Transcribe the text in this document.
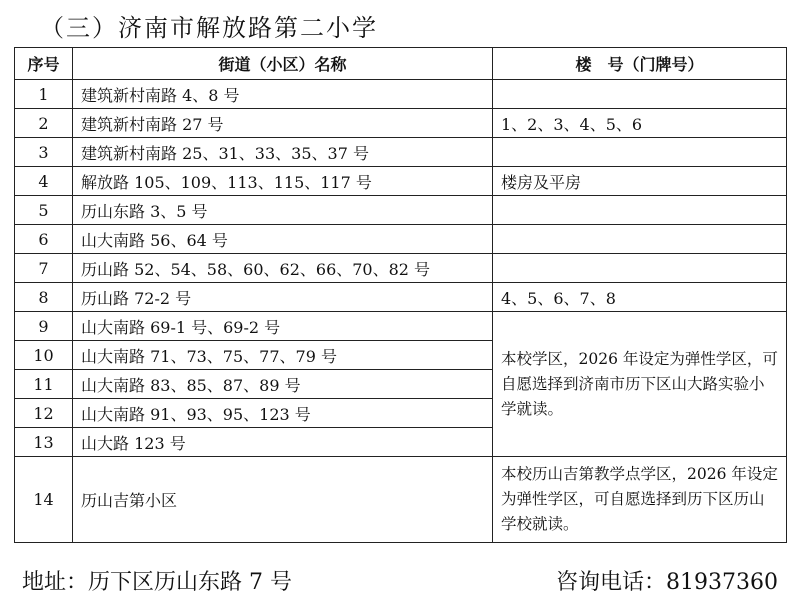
（三）济南市解放路第二小学
序号	街道（小区）名称	楼　号（门牌号）
1	建筑新村南路 4、8 号	
2	建筑新村南路 27 号	1、2、3、4、5、6
3	建筑新村南路 25、31、33、35、37 号	
4	解放路 105、109、113、115、117 号	楼房及平房
5	历山东路 3、5 号	
6	山大南路 56、64 号	
7	历山路 52、54、58、60、62、66、70、82 号	
8	历山路 72-2 号	4、5、6、7、8
9	山大南路 69-1 号、69-2 号	本校学区，2026 年设定为弹性学区，可自愿选择到济南市历下区山大路实验小学就读。
10	山大南路 71、73、75、77、79 号	
11	山大南路 83、85、87、89 号	
12	山大南路 91、93、95、123 号	
13	山大路 123 号	
14	历山吉第小区	本校历山吉第教学点学区，2026 年设定为弹性学区，可自愿选择到历下区历山学校就读。
地址：历下区历山东路 7 号	咨询电话：81937360
